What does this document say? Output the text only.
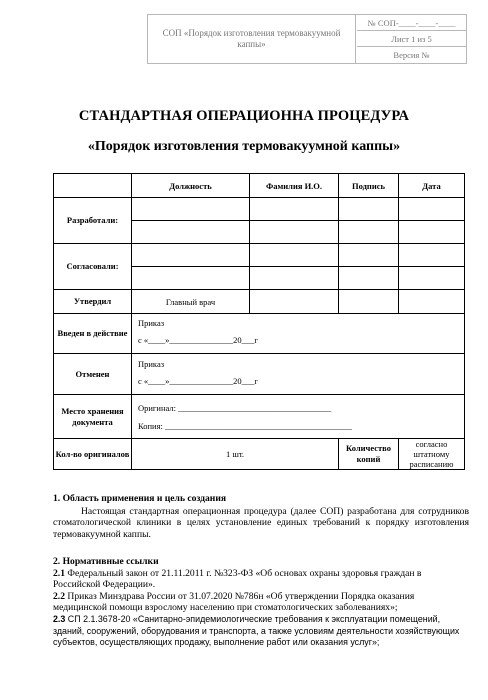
СОП «Порядок изготовления термовакуумной каппы»
№ СОП-____-____-____
Лист 1 из 5
Версия №
СТАНДАРТНАЯ ОПЕРАЦИОННА ПРОЦЕДУРА
«Порядок изготовления термовакуумной каппы»
	Должность	Фамилия И.О.	Подпись	Дата
Разработали:				

Согласовали:				

Утвердил	Главный врач			
Введен в действие	Приказ
с «____»_______________20___г			

Отменен	Приказ
с «____»_______________20___г			

Место хранения документа	Оригинал: ____________________________________
Копия: ____________________________________________			

Кол-во оригиналов	1 шт.		Количество копий	согласно штатному расписанию
1. Область применения и цель создания
Настоящая стандартная операционная процедура (далее СОП) разработана для сотрудников стоматологической клиники в целях установление единых требований к порядку изготовления термовакуумной каппы.
2. Нормативные ссылки
2.1 Федеральный закон от 21.11.2011 г. №323-ФЗ «Об основах охраны здоровья граждан в Российской Федерации».
2.2 Приказ Минздрава России от 31.07.2020 №786н «Об утверждении Порядка оказания медицинской помощи взрослому населению при стоматологических заболеваниях»;
2.3 СП 2.1.3678-20 «Санитарно-эпидемиологические требования к эксплуатации помещений, зданий, сооружений, оборудования и транспорта, а также условиям деятельности хозяйствующих субъектов, осуществляющих продажу, выполнение работ или оказания услуг»;
